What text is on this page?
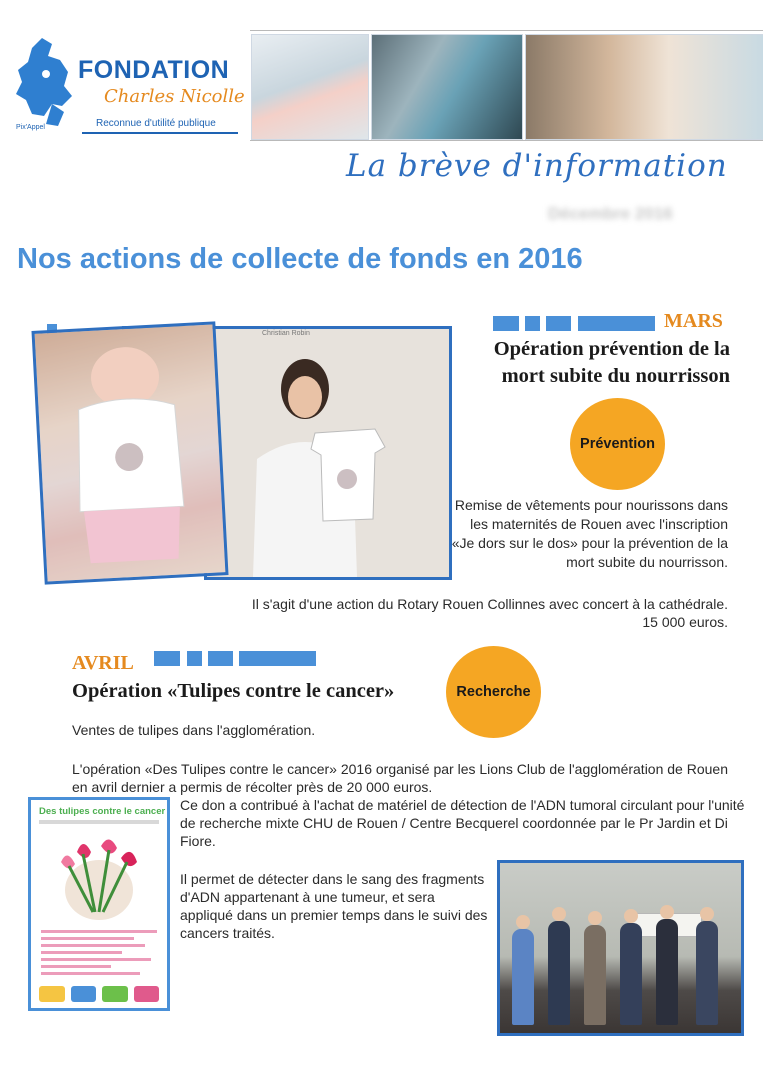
FONDATION
Charles Nicolle
Reconnue d'utilité publique
Pix'Appel
La brève d'information
Décembre 2016
Nos actions de collecte de fonds en 2016
Christian Robin
MARS
Opération prévention de la
mort subite du nourrisson
Prévention
Remise de vêtements pour nourissons dans les maternités de Rouen avec l'inscription «Je dors sur le dos» pour la prévention de la mort subite du nourrisson.
Il s'agit d'une action du Rotary Rouen Collinnes avec concert à la cathédrale.
15 000 euros.
AVRIL
Opération «Tulipes contre le cancer»	Recherche
Ventes de tulipes dans l'agglomération.
L'opération «Des Tulipes contre le cancer» 2016 organisé par les Lions Club de l'agglomération de Rouen en avril dernier a permis de récolter près de 20 000 euros.
Ce don a contribué à l'achat de matériel de détection de l'ADN tumoral circulant pour l'unité de recherche mixte CHU de Rouen / Centre Becquerel coordonnée par le Pr Jardin et Di Fiore.
Il permet de détecter dans le sang des fragments d'ADN appartenant à une tumeur, et sera appliqué dans un premier temps dans le suivi des cancers traités.
Des tulipes contre le cancer
